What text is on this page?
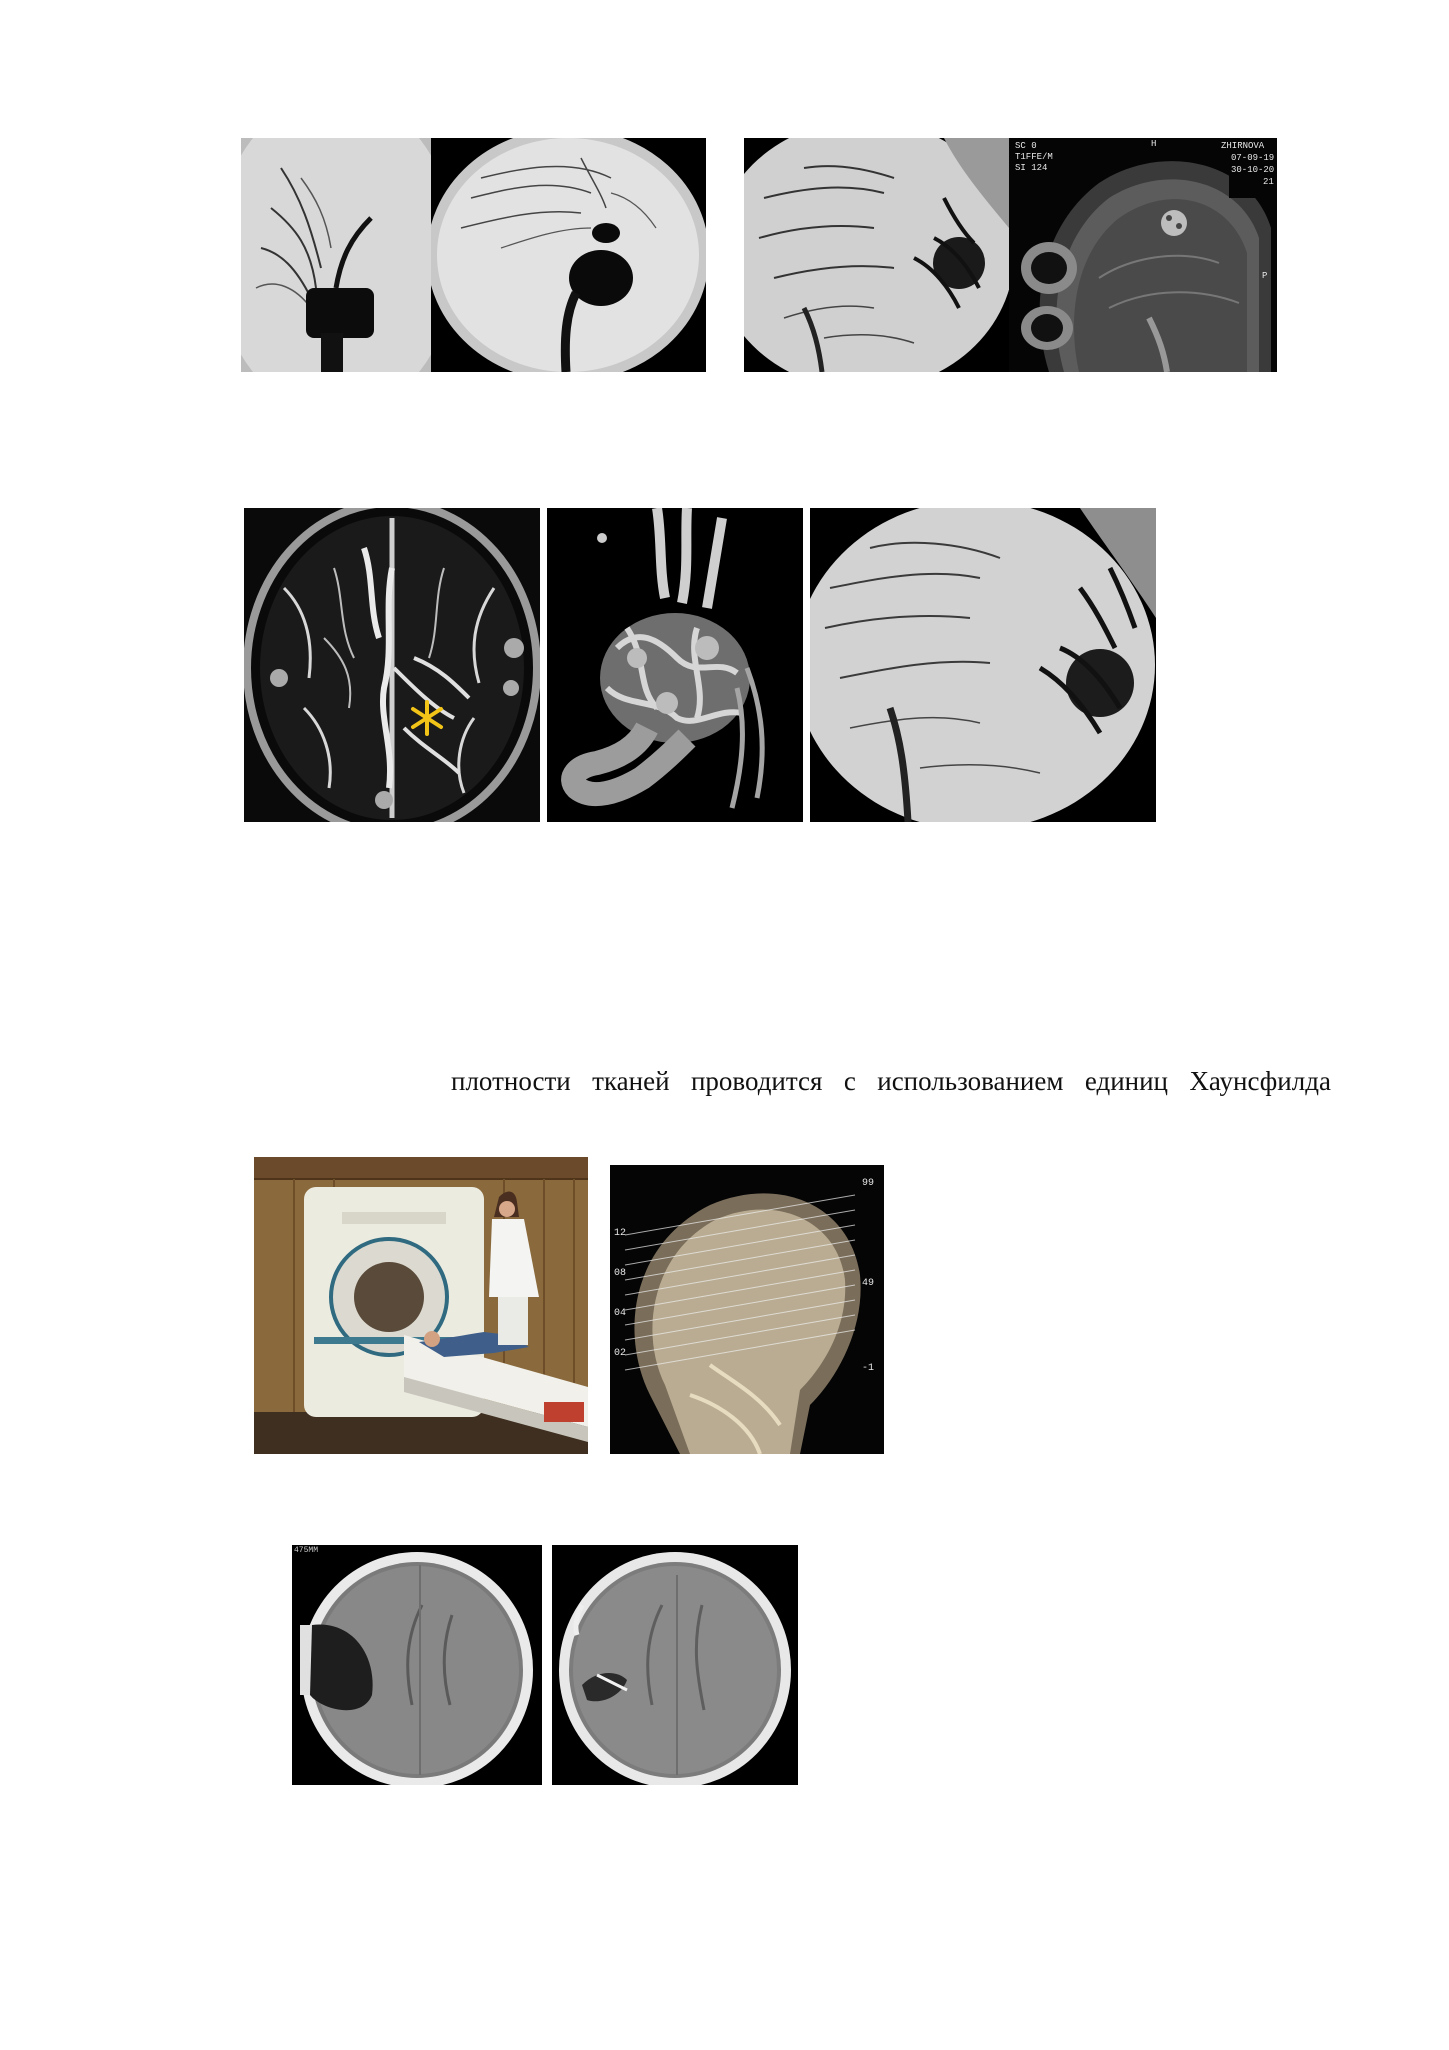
SC 0
T1FFE/M
SI 124
H	ZHIRNOVA
07-09-19
30-10-20
21
P
плотности тканей проводится с использованием единиц Хаунсфилда
12
08
04
02
99
49
-1
475MM
